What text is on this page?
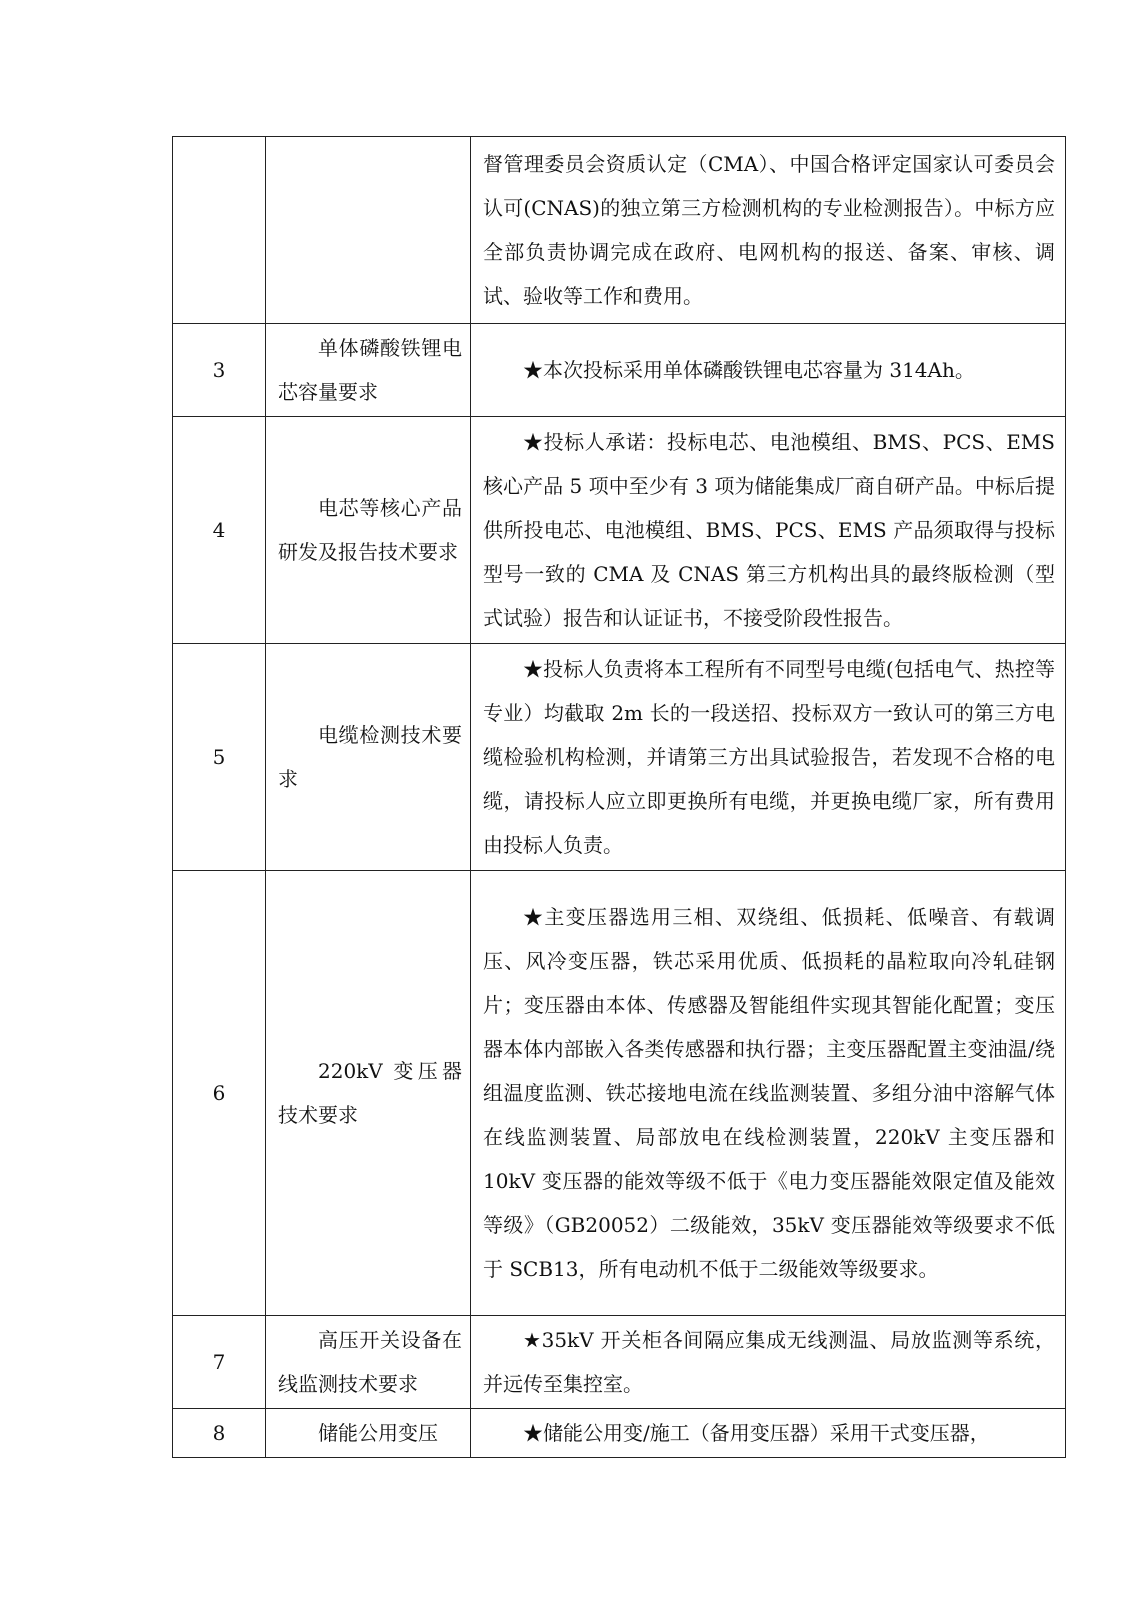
		督管理委员会资质认定（CMA）、中国合格评定国家认可委员会认可(CNAS)的独立第三方检测机构的专业检测报告）。中标方应全部负责协调完成在政府、电网机构的报送、备案、审核、调试、验收等工作和费用。
3	单体磷酸铁锂电芯容量要求	★本次投标采用单体磷酸铁锂电芯容量为 314Ah。
4	电芯等核心产品研发及报告技术要求	★投标人承诺：投标电芯、电池模组、BMS、PCS、EMS 核心产品 5 项中至少有 3 项为储能集成厂商自研产品。中标后提供所投电芯、电池模组、BMS、PCS、EMS 产品须取得与投标型号一致的 CMA 及 CNAS 第三方机构出具的最终版检测（型式试验）报告和认证证书，不接受阶段性报告。
5	电缆检测技术要求	★投标人负责将本工程所有不同型号电缆(包括电气、热控等专业）均截取 2m 长的一段送招、投标双方一致认可的第三方电缆检验机构检测，并请第三方出具试验报告，若发现不合格的电缆，请投标人应立即更换所有电缆，并更换电缆厂家，所有费用由投标人负责。
6	220kV 变压器技术要求	★主变压器选用三相、双绕组、低损耗、低噪音、有载调压、风冷变压器，铁芯采用优质、低损耗的晶粒取向冷轧硅钢片；变压器由本体、传感器及智能组件实现其智能化配置；变压器本体内部嵌入各类传感器和执行器；主变压器配置主变油温/绕组温度监测、铁芯接地电流在线监测装置、多组分油中溶解气体在线监测装置、局部放电在线检测装置，220kV 主变压器和 10kV 变压器的能效等级不低于《电力变压器能效限定值及能效等级》（GB20052）二级能效，35kV 变压器能效等级要求不低于 SCB13，所有电动机不低于二级能效等级要求。
7	高压开关设备在线监测技术要求	★35kV 开关柜各间隔应集成无线测温、局放监测等系统，并远传至集控室。
8	储能公用变压	★储能公用变/施工（备用变压器）采用干式变压器，
